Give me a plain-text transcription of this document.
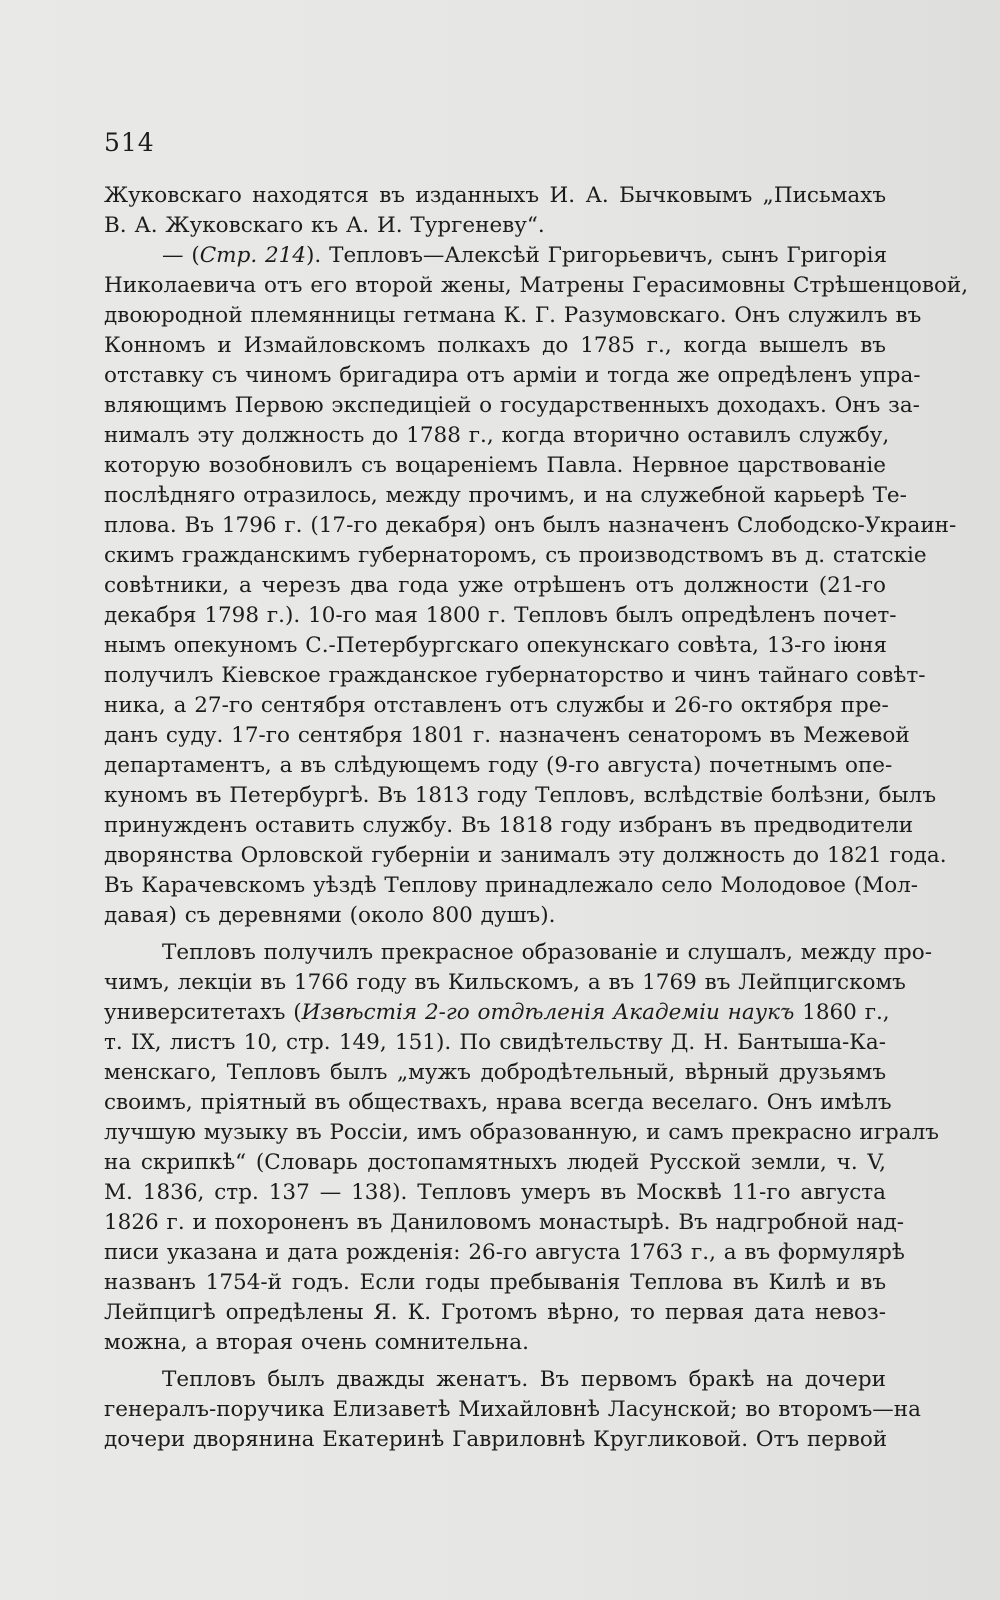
514

Жуковскаго находятся въ изданныхъ И. А. Бычковымъ „Письмахъ

В. А. Жуковскаго къ А. И. Тургеневу“.

— (Стр. 214). Тепловъ—Алексѣй Григорьевичъ, сынъ Григорія

Николаевича отъ его второй жены, Матрены Герасимовны Стрѣшенцовой,

двоюродной племянницы гетмана К. Г. Разумовскаго. Онъ служилъ въ

Конномъ и Измайловскомъ полкахъ до 1785 г., когда вышелъ въ

отставку съ чиномъ бригадира отъ арміи и тогда же опредѣленъ упра-

вляющимъ Первою экспедиціей о государственныхъ доходахъ. Онъ за-

нималъ эту должность до 1788 г., когда вторично оставилъ службу,

которую возобновилъ съ воцареніемъ Павла. Нервное царствованіе

послѣдняго отразилось, между прочимъ, и на служебной карьерѣ Те-

плова. Въ 1796 г. (17-го декабря) онъ былъ назначенъ Слободско-Украин-

скимъ гражданскимъ губернаторомъ, съ производствомъ въ д. статскіе

совѣтники, а черезъ два года уже отрѣшенъ отъ должности (21-го

декабря 1798 г.). 10-го мая 1800 г. Тепловъ былъ опредѣленъ почет-

нымъ опекуномъ С.-Петербургскаго опекунскаго совѣта, 13-го іюня

получилъ Кіевское гражданское губернаторство и чинъ тайнаго совѣт-

ника, а 27-го сентября отставленъ отъ службы и 26-го октября пре-

данъ суду. 17-го сентября 1801 г. назначенъ сенаторомъ въ Межевой

департаментъ, а въ слѣдующемъ году (9-го августа) почетнымъ опе-

куномъ въ Петербургѣ. Въ 1813 году Тепловъ, вслѣдствіе болѣзни, былъ

принужденъ оставить службу. Въ 1818 году избранъ въ предводители

дворянства Орловской губерніи и занималъ эту должность до 1821 года.

Въ Карачевскомъ уѣздѣ Теплову принадлежало село Молодовое (Мол-

давая) съ деревнями (около 800 душъ).

Тепловъ получилъ прекрасное образованіе и слушалъ, между про-

чимъ, лекціи въ 1766 году въ Кильскомъ, а въ 1769 въ Лейпцигскомъ

университетахъ (Извѣстія 2-го отдѣленія Академіи наукъ 1860 г.,

т. IX, листъ 10, стр. 149, 151). По свидѣтельству Д. Н. Бантыша-Ка-

менскаго, Тепловъ былъ „мужъ добродѣтельный, вѣрный друзьямъ

своимъ, пріятный въ обществахъ, нрава всегда веселаго. Онъ имѣлъ

лучшую музыку въ Россіи, имъ образованную, и самъ прекрасно игралъ

на скрипкѣ“ (Словарь достопамятныхъ людей Русской земли, ч. V,

М. 1836, стр. 137 — 138). Тепловъ умеръ въ Москвѣ 11-го августа

1826 г. и похороненъ въ Даниловомъ монастырѣ. Въ надгробной над-

писи указана и дата рожденія: 26-го августа 1763 г., а въ формулярѣ

названъ 1754-й годъ. Если годы пребыванія Теплова въ Килѣ и въ

Лейпцигѣ опредѣлены Я. К. Гротомъ вѣрно, то первая дата невоз-

можна, а вторая очень сомнительна.

Тепловъ былъ дважды женатъ. Въ первомъ бракѣ на дочери

генералъ-поручика Елизаветѣ Михайловнѣ Ласунской; во второмъ—на

дочери дворянина Екатеринѣ Гавриловнѣ Кругликовой. Отъ первой
